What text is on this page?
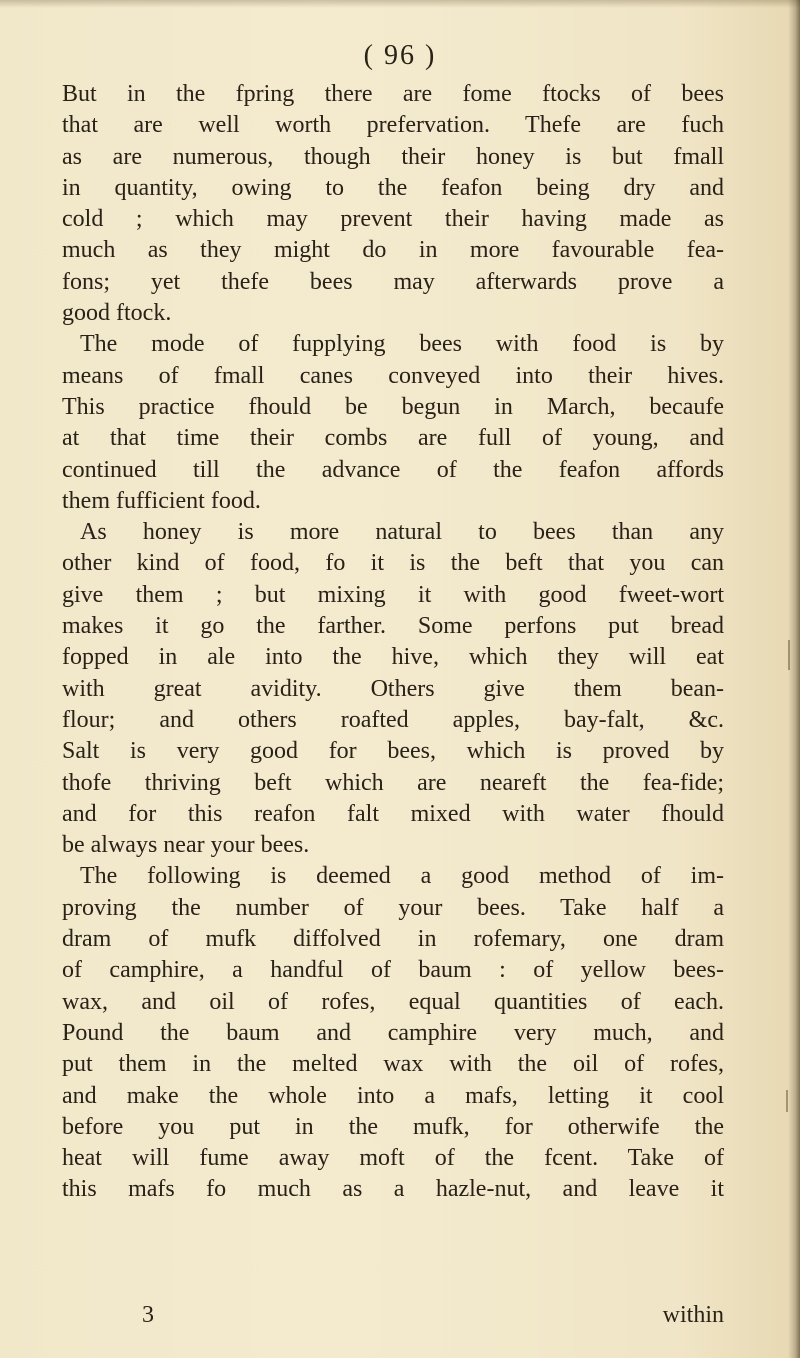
( 96 )
But in the fpring there are fome ftocks of bees
that are well worth prefervation. Thefe are fuch
as are numerous, though their honey is but fmall
in quantity, owing to the feafon being dry and
cold ; which may prevent their having made as
much as they might do in more favourable fea-
fons; yet thefe bees may afterwards prove a
good ftock.
The mode of fupplying bees with food is by
means of fmall canes conveyed into their hives.
This practice fhould be begun in March, becaufe
at that time their combs are full of young, and
continued till the advance of the feafon affords
them fufficient food.
As honey is more natural to bees than any
other kind of food, fo it is the beft that you can
give them ; but mixing it with good fweet-wort
makes it go the farther. Some perfons put bread
fopped in ale into the hive, which they will eat
with great avidity. Others give them bean-
flour; and others roafted apples, bay-falt, &c.
Salt is very good for bees, which is proved by
thofe thriving beft which are neareft the fea-fide;
and for this reafon falt mixed with water fhould
be always near your bees.
The following is deemed a good method of im-
proving the number of your bees. Take half a
dram of mufk diffolved in rofemary, one dram
of camphire, a handful of baum : of yellow bees-
wax, and oil of rofes, equal quantities of each.
Pound the baum and camphire very much, and
put them in the melted wax with the oil of rofes,
and make the whole into a mafs, letting it cool
before you put in the mufk, for otherwife the
heat will fume away moft of the fcent. Take of
this mafs fo much as a hazle-nut, and leave it
3	within
